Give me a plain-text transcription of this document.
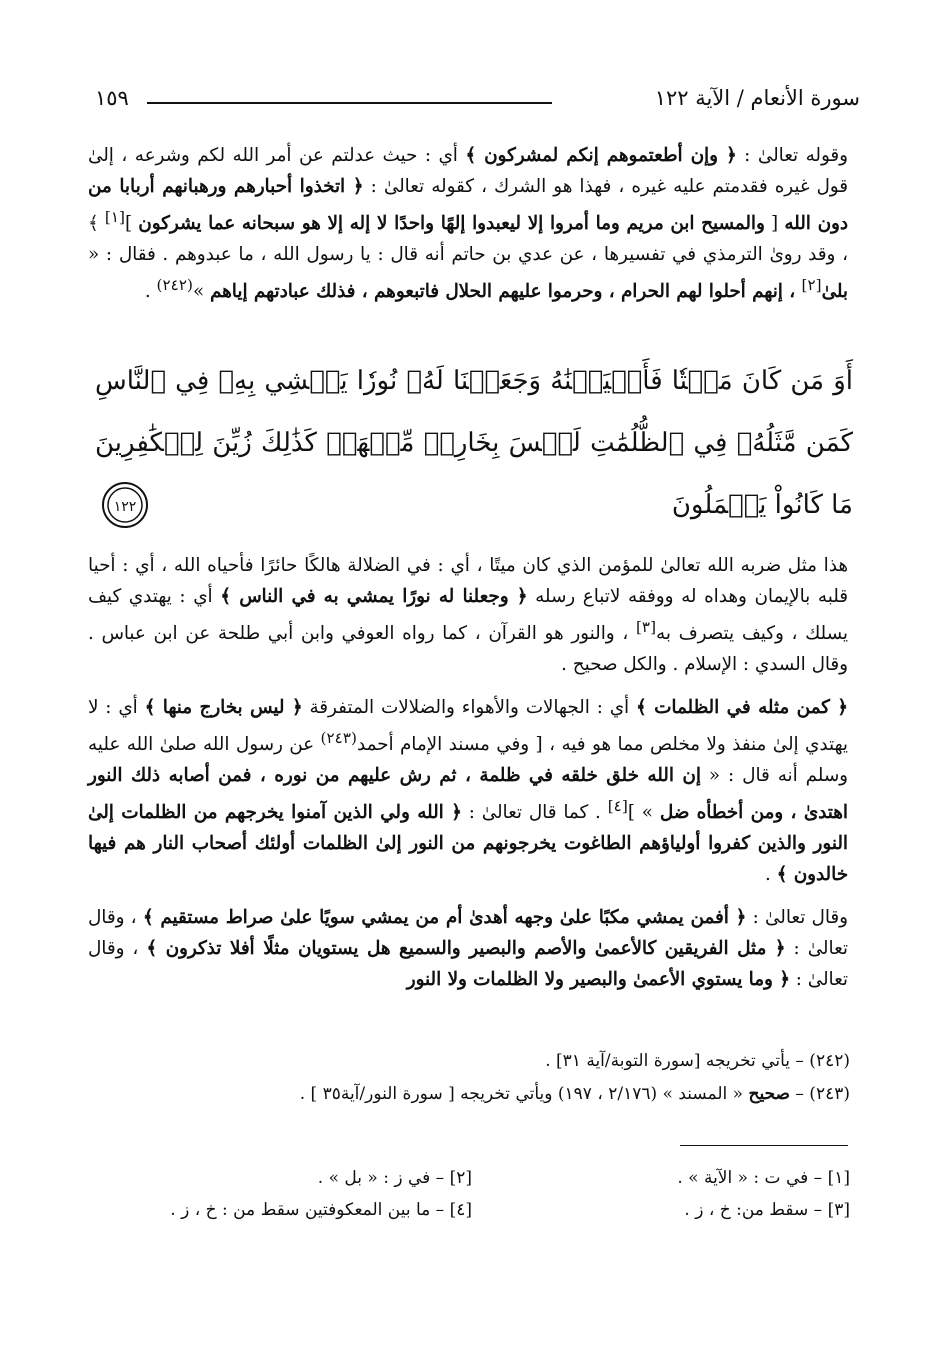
سورة الأنعام / الآية ١٢٢
١٥٩

وقوله تعالىٰ : ﴿ وإن أطعتموهم إنكم لمشركون ﴾ أي : حيث عدلتم عن أمر الله لكم وشرعه ، إلىٰ قول غيره فقدمتم عليه غيره ، فهذا هو الشرك ، كقوله تعالىٰ : ﴿ اتخذوا أحبارهم ورهبانهم أربابا من دون الله [ والمسيح ابن مريم وما أمروا إلا ليعبدوا إلهًا واحدًا لا إله إلا هو سبحانه عما يشركون ][١] ﴾ ، وقد روىٰ الترمذي في تفسيرها ، عن عدي بن حاتم أنه قال : يا رسول الله ، ما عبدوهم . فقال : « بلىٰ[٢] ، إنهم أحلوا لهم الحرام ، وحرموا عليهم الحلال فاتبعوهم ، فذلك عبادتهم إياهم »$^{(٢٤٢)}$ .

أَوَ مَن كَانَ مَيۡتٗا فَأَحۡيَيۡنَٰهُ وَجَعَلۡنَا لَهُۥ نُورٗا يَمۡشِي بِهِۦ فِي ٱلنَّاسِ كَمَن مَّثَلُهُۥ فِي ٱلظُّلُمَٰتِ لَيۡسَ بِخَارِجٖ مِّنۡهَاۚ كَذَٰلِكَ زُيِّنَ لِلۡكَٰفِرِينَ مَا كَانُواْ يَعۡمَلُونَ
١٢٢

هذا مثل ضربه الله تعالىٰ للمؤمن الذي كان ميتًا ، أي : في الضلالة هالكًا حائرًا فأحياه الله ، أي : أحيا قلبه بالإيمان وهداه له ووفقه لاتباع رسله ﴿ وجعلنا له نورًا يمشي به في الناس ﴾ أي : يهتدي كيف يسلك ، وكيف يتصرف به[٣] ، والنور هو القرآن ، كما رواه العوفي وابن أبي طلحة عن ابن عباس . وقال السدي : الإسلام . والكل صحيح .

﴿ كمن مثله في الظلمات ﴾ أي : الجهالات والأهواء والضلالات المتفرقة ﴿ ليس بخارج منها ﴾ أي : لا يهتدي إلىٰ منفذ ولا مخلص مما هو فيه ، [ وفي مسند الإمام أحمد$^{(٢٤٣)}$ عن رسول الله صلىٰ الله عليه وسلم أنه قال : « إن الله خلق خلقه في ظلمة ، ثم رش عليهم من نوره ، فمن أصابه ذلك النور اهتدىٰ ، ومن أخطأه ضل » ][٤] . كما قال تعالىٰ : ﴿ الله ولي الذين آمنوا يخرجهم من الظلمات إلىٰ النور والذين كفروا أولياؤهم الطاغوت يخرجونهم من النور إلىٰ الظلمات أولئك أصحاب النار هم فيها خالدون ﴾ .

وقال تعالىٰ : ﴿ أفمن يمشي مكبًا علىٰ وجهه أهدىٰ أم من يمشي سويًا علىٰ صراط مستقيم ﴾ ، وقال تعالىٰ : ﴿ مثل الفريقين كالأعمىٰ والأصم والبصير والسميع هل يستويان مثلًا أفلا تذكرون ﴾ ، وقال تعالىٰ : ﴿ وما يستوي الأعمىٰ والبصير ولا الظلمات ولا النور

(٢٤٢) – يأتي تخريجه [سورة التوبة/آية ٣١] .
(٢٤٣) – صحيح « المسند » (٢/١٧٦ ، ١٩٧) ويأتي تخريجه [ سورة النور/آية٣٥ ] .
[١] – في ت : « الآية » .
[٢] – في ز : « بل » .
[٣] – سقط من: خ ، ز .
[٤] – ما بين المعكوفتين سقط من : خ ، ز .
